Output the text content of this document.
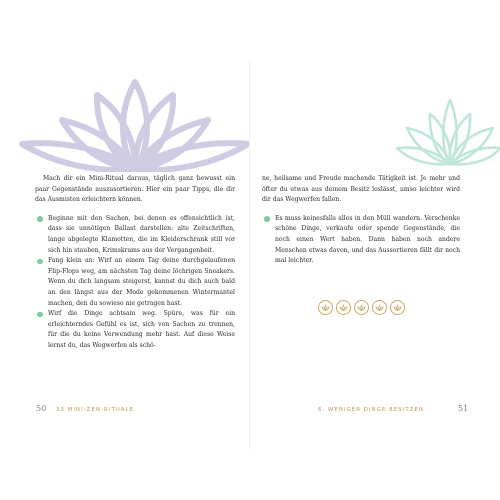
Mach dir ein Mini-Ritual daraus, täglich ganz bewusst ein paar Gegenstände auszusortieren. Hier ein paar Tipps, die dir das Ausmisten erleichtern können.

Beginne mit den Sachen, bei denen es offensichtlich ist, dass sie unnötigen Ballast darstellen: alte Zeitschriften, lange abgelegte Klamotten, die im Kleiderschrank still vor sich hin stauben, Krimskrams aus der Vergangenheit.
Fang klein an: Wirf an einem Tag deine durchgelaufenen Flip-Flops weg, am nächsten Tag deine löchrigen Sneakers. Wenn du dich langsam steigerst, kannst du dich auch bald an den längst aus der Mode gekommenen Wintermantel machen, den du sowieso nie getragen hast.
Wirf die Dinge achtsam weg. Spüre, was für ein erleichterndes Gefühl es ist, sich von Sachen zu trennen, für die du keine Verwendung mehr hast. Auf diese Weise lernst du, das Wegwerfen als schö-

ne, heilsame und Freude machende Tätigkeit ist. Je mehr und öfter du etwas aus deinem Besitz loslässt, umso leichter wird dir das Wegwerfen fallen.

Es muss keinesfalls alles in den Müll wandern. Verschenke schöne Dinge, verkaufe oder spende Gegenstände, die noch einen Wert haben. Dann haben noch andere Menschen etwas davon, und das Aussortieren fällt dir noch mal leichter.
50 33 MINI-ZEN-RITUALE	6. WENIGER DINGE BESITZEN	51
